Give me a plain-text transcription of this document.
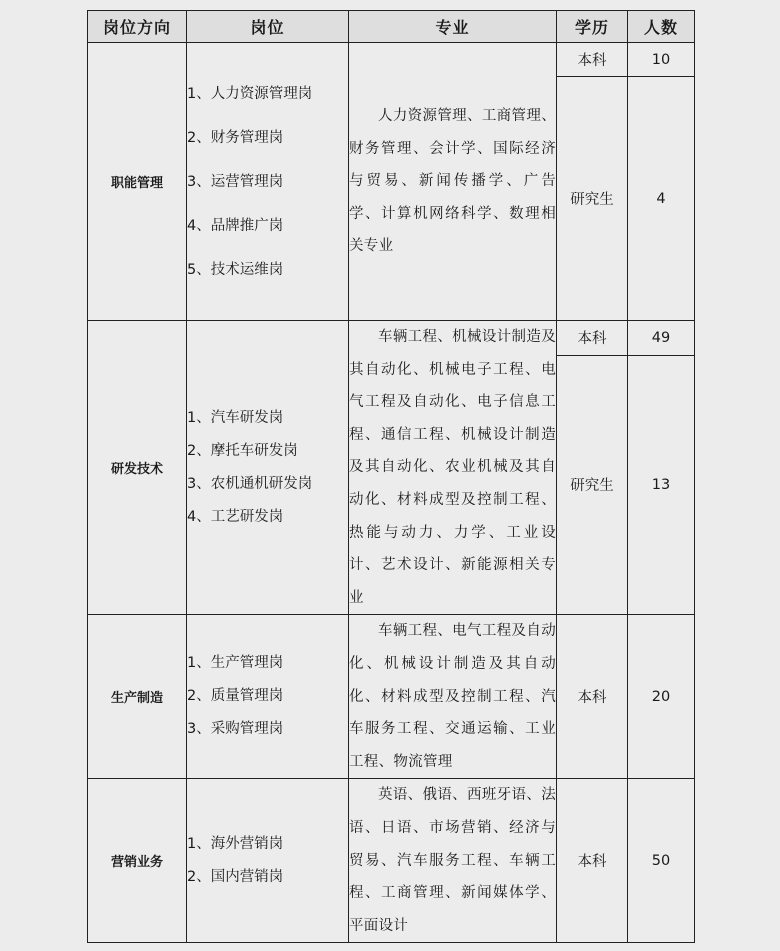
岗位方向	岗位	专业	学历	人数
职能管理	1、人力资源管理岗
2、财务管理岗
3、运营管理岗
4、品牌推广岗
5、技术运维岗	人力资源管理、工商管理、财务管理、会计学、国际经济与贸易、新闻传播学、广告学、计算机网络科学、数理相关专业	本科	10
			研究生	4
研发技术	1、汽车研发岗
2、摩托车研发岗
3、农机通机研发岗
4、工艺研发岗	车辆工程、机械设计制造及其自动化、机械电子工程、电气工程及自动化、电子信息工程、通信工程、机械设计制造及其自动化、农业机械及其自动化、材料成型及控制工程、热能与动力、力学、工业设计、艺术设计、新能源相关专业	本科	49
			研究生	13
生产制造	1、生产管理岗
2、质量管理岗
3、采购管理岗	车辆工程、电气工程及自动化、机械设计制造及其自动化、材料成型及控制工程、汽车服务工程、交通运输、工业工程、物流管理	本科	20
营销业务	1、海外营销岗
2、国内营销岗	英语、俄语、西班牙语、法语、日语、市场营销、经济与贸易、汽车服务工程、车辆工程、工商管理、新闻媒体学、平面设计	本科	50
